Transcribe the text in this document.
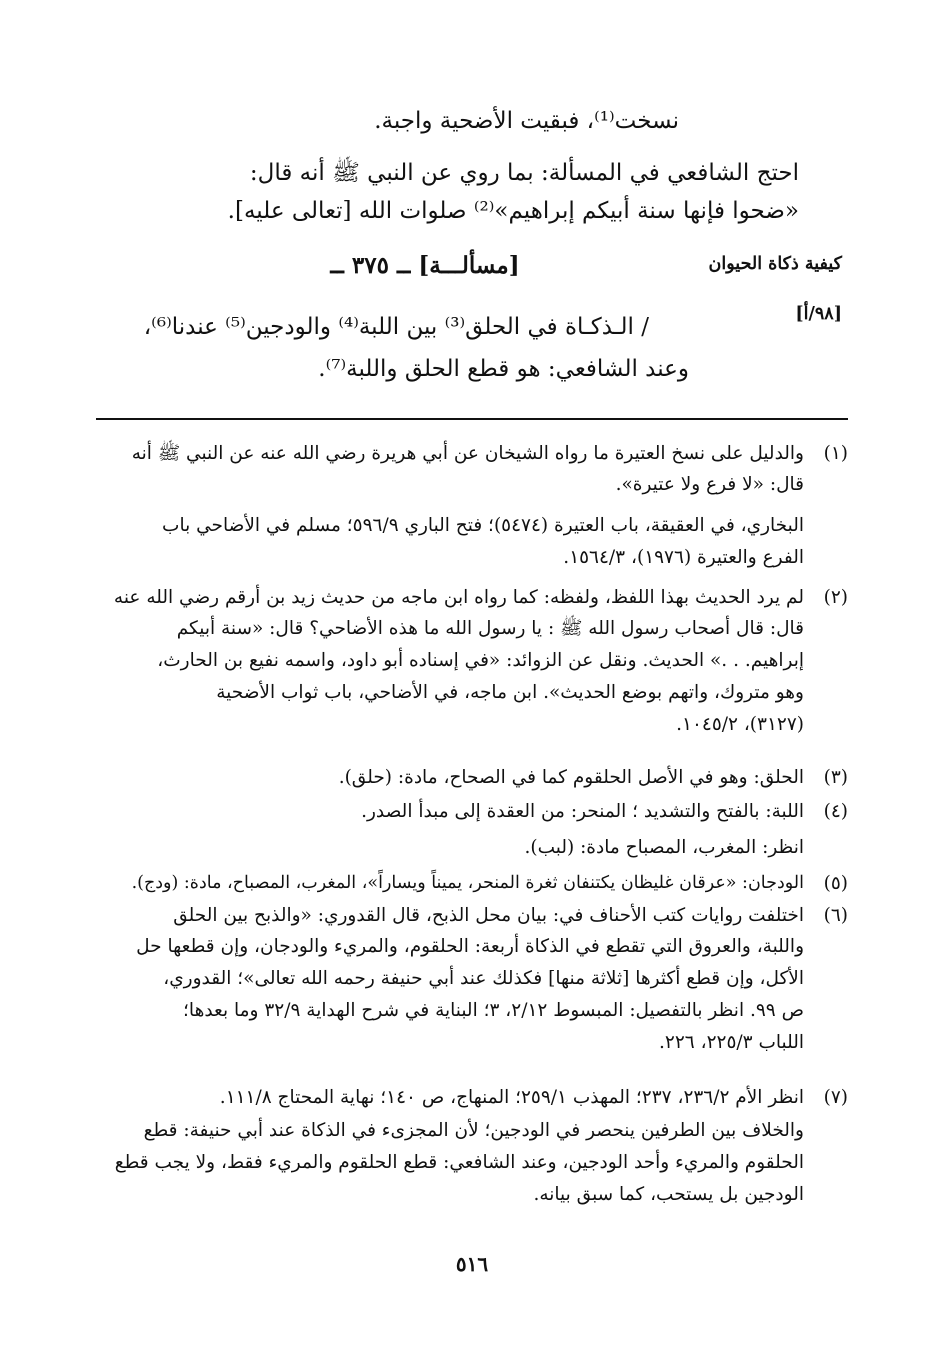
نسخت⁽¹⁾، فبقيت الأضحية واجبة.
احتج الشافعي في المسألة: بما روي عن النبي ﷺ أنه قال:
«ضحوا فإنها سنة أبيكم إبراهيم»⁽²⁾ صلوات الله [تعالى عليه].
كيفية ذكاة الحيوان
[مسألـــة] ــ ٣٧٥ ــ
[٩٨/أ]
/ الـذكـاة في الحلق⁽³⁾ بين اللبة⁽⁴⁾ والودجين⁽⁵⁾ عندنا⁽⁶⁾،
وعند الشافعي: هو قطع الحلق واللبة⁽⁷⁾.
(١)
والدليل على نسخ العتيرة ما رواه الشيخان عن أبي هريرة رضي الله عنه عن النبي ﷺ أنه
قال: «لا فرع ولا عتيرة».
البخاري، في العقيقة، باب العتيرة (٥٤٧٤)؛ فتح الباري ٥٩٦/٩؛ مسلم في الأضاحي باب
الفرع والعتيرة (١٩٧٦)، ١٥٦٤/٣.
(٢)
لم يرد الحديث بهذا اللفظ، ولفظه: كما رواه ابن ماجه من حديث زيد بن أرقم رضي الله عنه
قال: قال أصحاب رسول الله ﷺ : يا رسول الله ما هذه الأضاحي؟ قال: «سنة أبيكم
إبراهيم. . .» الحديث. ونقل عن الزوائد: «في إسناده أبو داود، واسمه نفيع بن الحارث،
وهو متروك، واتهم بوضع الحديث». ابن ماجه، في الأضاحي، باب ثواب الأضحية
(٣١٢٧)، ١٠٤٥/٢.
(٣)
الحلق: وهو في الأصل الحلقوم كما في الصحاح، مادة: (حلق).
(٤)
اللبة: بالفتح والتشديد ؛ المنحر: من العقدة إلى مبدأ الصدر.
انظر: المغرب، المصباح مادة: (لبب).
(٥)
الودجان: «عرقان غليظان يكتنفان ثغرة المنحر، يميناً ويساراً»، المغرب، المصباح، مادة: (ودج).
(٦)
اختلفت روايات كتب الأحناف في: بيان محل الذبح، قال القدوري: «والذبح بين الحلق
واللبة، والعروق التي تقطع في الذكاة أربعة: الحلقوم، والمريء والودجان، وإن قطعها حل
الأكل، وإن قطع أكثرها [ثلاثة منها] فكذلك عند أبي حنيفة رحمه الله تعالى»؛ القدوري،
ص ٩٩. انظر بالتفصيل: المبسوط ٢/١٢، ٣؛ البناية في شرح الهداية ٣٢/٩ وما بعدها؛
اللباب ٢٢٥/٣، ٢٢٦.
(٧)
انظر الأم ٢٣٦/٢، ٢٣٧؛ المهذب ٢٥٩/١؛ المنهاج، ص ١٤٠؛ نهاية المحتاج ١١١/٨.
والخلاف بين الطرفين ينحصر في الودجين؛ لأن المجزىء في الذكاة عند أبي حنيفة: قطع
الحلقوم والمريء وأحد الودجين، وعند الشافعي: قطع الحلقوم والمريء فقط، ولا يجب قطع
الودجين بل يستحب، كما سبق بيانه.
٥١٦
